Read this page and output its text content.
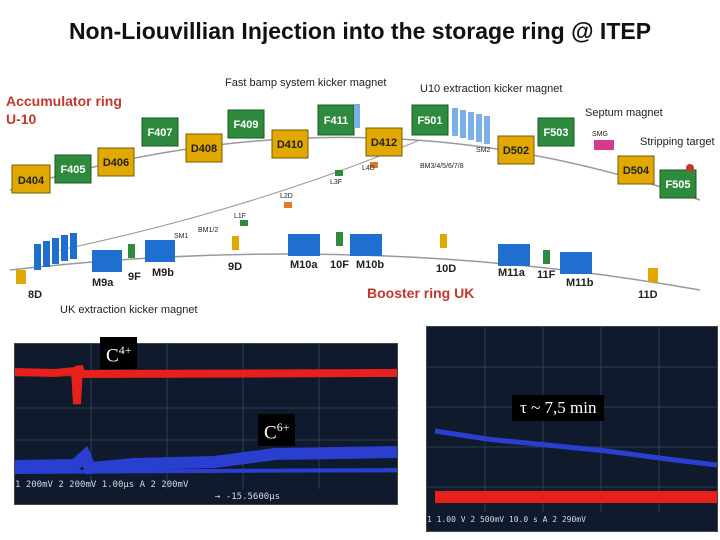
Non-Liouvillian Injection into the storage ring @ ITEP
Accumulator ring
U-10
Booster ring UK
D404
F405
D406
F407
D408
F409
D410
F411
D412
F501
D502
F503
D504
F505
Fast bamp system kicker magnet	U10 extraction kicker magnet
Septum magnet
SMG
Stripping target
SM2
BM3/4/5/6/7/8
L4D
L3F
L2D
L1F
SM1
BM1/2
UK extraction kicker magnet
8D
M9a 9F M9b	9D	M10a 10F M10b	10D	M11a 11F
M11b
11D
1 200mV 2 200mV 1.00µs A 2 200mV
→ -15.5600µs
$C^{4+}$
$C^{6+}$
1 1.00 V 2 500mV 10.0 s A 2 290mV
τ ~ 7,5 min
